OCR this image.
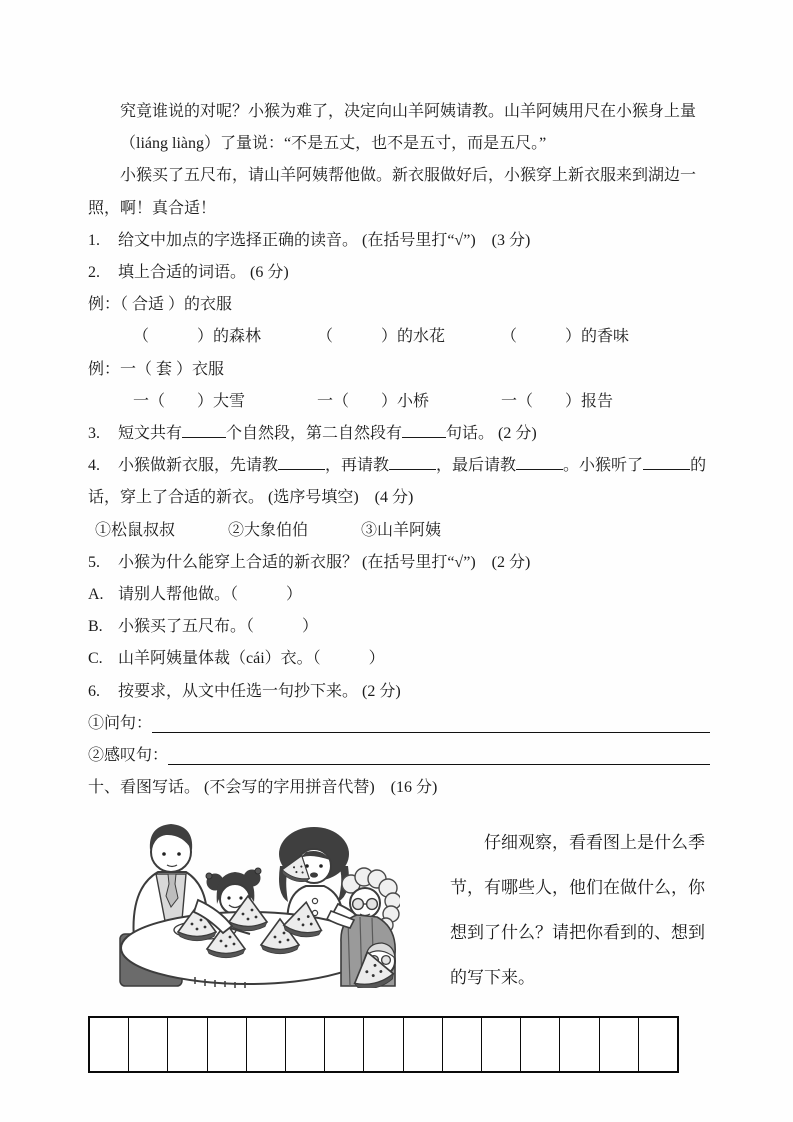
究竟谁说的对呢？小猴为难了，决定向山羊阿姨请教。山羊阿姨用尺在小猴身上量
（liáng liàng）了量说：“不是五丈，也不是五寸，而是五尺。”
小猴买了五尺布，请山羊阿姨帮他做。新衣服做好后，小猴穿上新衣服来到湖边一
照，啊！真合适！
1.	给文中加点的字选择正确的读音。 (在括号里打“√”)　(3 分)
2.	填上合适的词语。 (6 分)
例：（ 合适 ）的衣服
（　　　）的森林	（　　　）的水花	（　　　）的香味
例：一（ 套 ）衣服
一（　　）大雪	一（　　）小桥	一（　　）报告
3.	短文共有	个自然段，第二自然段有	句话。 (2 分)
4.	小猴做新衣服，先请教	，再请教	，最后请教	。小猴听了	的
话，穿上了合适的新衣。 (选序号填空)　(4 分)
①松鼠叔叔	②大象伯伯	③山羊阿姨
5.	小猴为什么能穿上合适的新衣服？ (在括号里打“√”)　(2 分)
A. 请别人帮他做。（　　　）
B. 小猴买了五尺布。（　　　）
C. 山羊阿姨量体裁（cái）衣。（　　　）
6.	按要求，从文中任选一句抄下来。 (2 分)
①问句：
②感叹句：
十、看图写话。 (不会写的字用拼音代替)　(16 分)
仔细观察，看看图上是什么季节，有哪些人，他们在做什么，你想到了什么？请把你看到的、想到的写下来。
